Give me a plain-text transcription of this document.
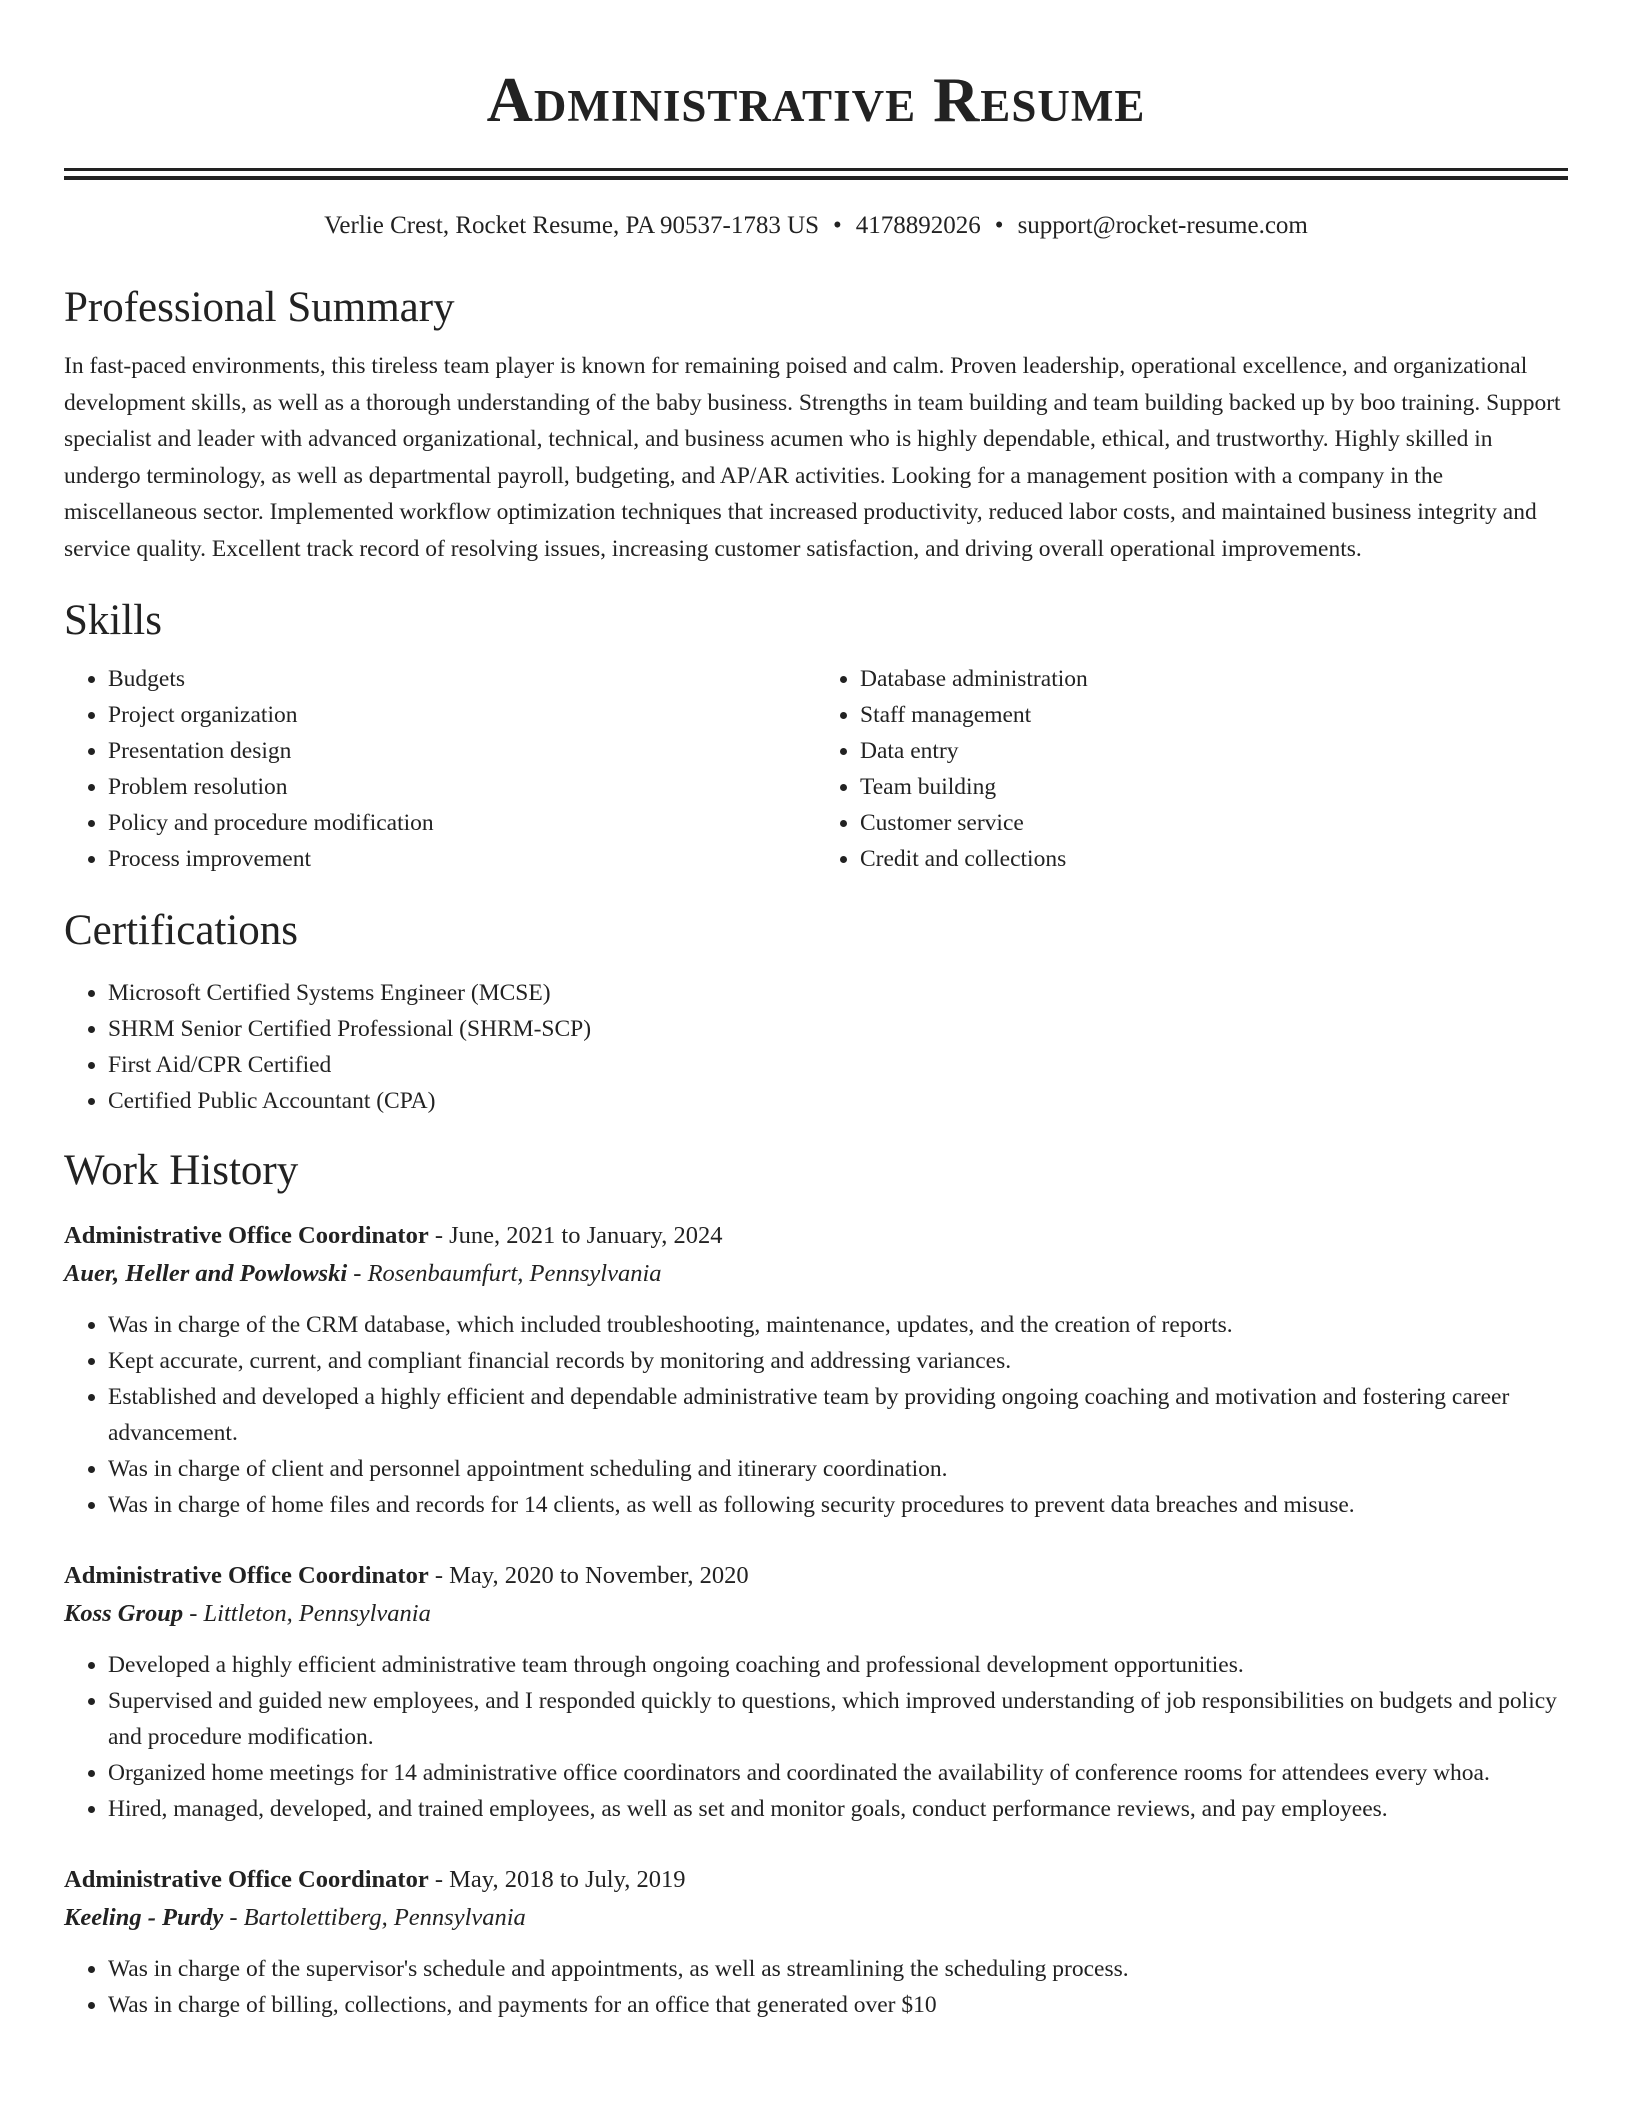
Administrative Resume
Verlie Crest, Rocket Resume, PA 90537-1783 US • 4178892026 • support@rocket-resume.com
Professional Summary

In fast-paced environments, this tireless team player is known for remaining poised and calm. Proven leadership, operational excellence, and organizational development skills, as well as a thorough understanding of the baby business. Strengths in team building and team building backed up by boo training. Support specialist and leader with advanced organizational, technical, and business acumen who is highly dependable, ethical, and trustworthy. Highly skilled in undergo terminology, as well as departmental payroll, budgeting, and AP/AR activities. Looking for a management position with a company in the miscellaneous sector. Implemented workflow optimization techniques that increased productivity, reduced labor costs, and maintained business integrity and service quality. Excellent track record of resolving issues, increasing customer satisfaction, and driving overall operational improvements.

Skills
• Budgets
• Project organization
• Presentation design
• Problem resolution
• Policy and procedure modification
• Process improvement
• Database administration
• Staff management
• Data entry
• Team building
• Customer service
• Credit and collections
Certifications
• Microsoft Certified Systems Engineer (MCSE)
• SHRM Senior Certified Professional (SHRM-SCP)
• First Aid/CPR Certified
• Certified Public Accountant (CPA)
Work History
Administrative Office Coordinator - June, 2021 to January, 2024
Auer, Heller and Powlowski - Rosenbaumfurt, Pennsylvania
• Was in charge of the CRM database, which included troubleshooting, maintenance, updates, and the creation of reports.
• Kept accurate, current, and compliant financial records by monitoring and addressing variances.
• Established and developed a highly efficient and dependable administrative team by providing ongoing coaching and motivation and fostering career advancement.
• Was in charge of client and personnel appointment scheduling and itinerary coordination.
• Was in charge of home files and records for 14 clients, as well as following security procedures to prevent data breaches and misuse.
Administrative Office Coordinator - May, 2020 to November, 2020
Koss Group - Littleton, Pennsylvania
• Developed a highly efficient administrative team through ongoing coaching and professional development opportunities.
• Supervised and guided new employees, and I responded quickly to questions, which improved understanding of job responsibilities on budgets and policy and procedure modification.
• Organized home meetings for 14 administrative office coordinators and coordinated the availability of conference rooms for attendees every whoa.
• Hired, managed, developed, and trained employees, as well as set and monitor goals, conduct performance reviews, and pay employees.
Administrative Office Coordinator - May, 2018 to July, 2019
Keeling - Purdy - Bartolettiberg, Pennsylvania
• Was in charge of the supervisor's schedule and appointments, as well as streamlining the scheduling process.
• Was in charge of billing, collections, and payments for an office that generated over $10
